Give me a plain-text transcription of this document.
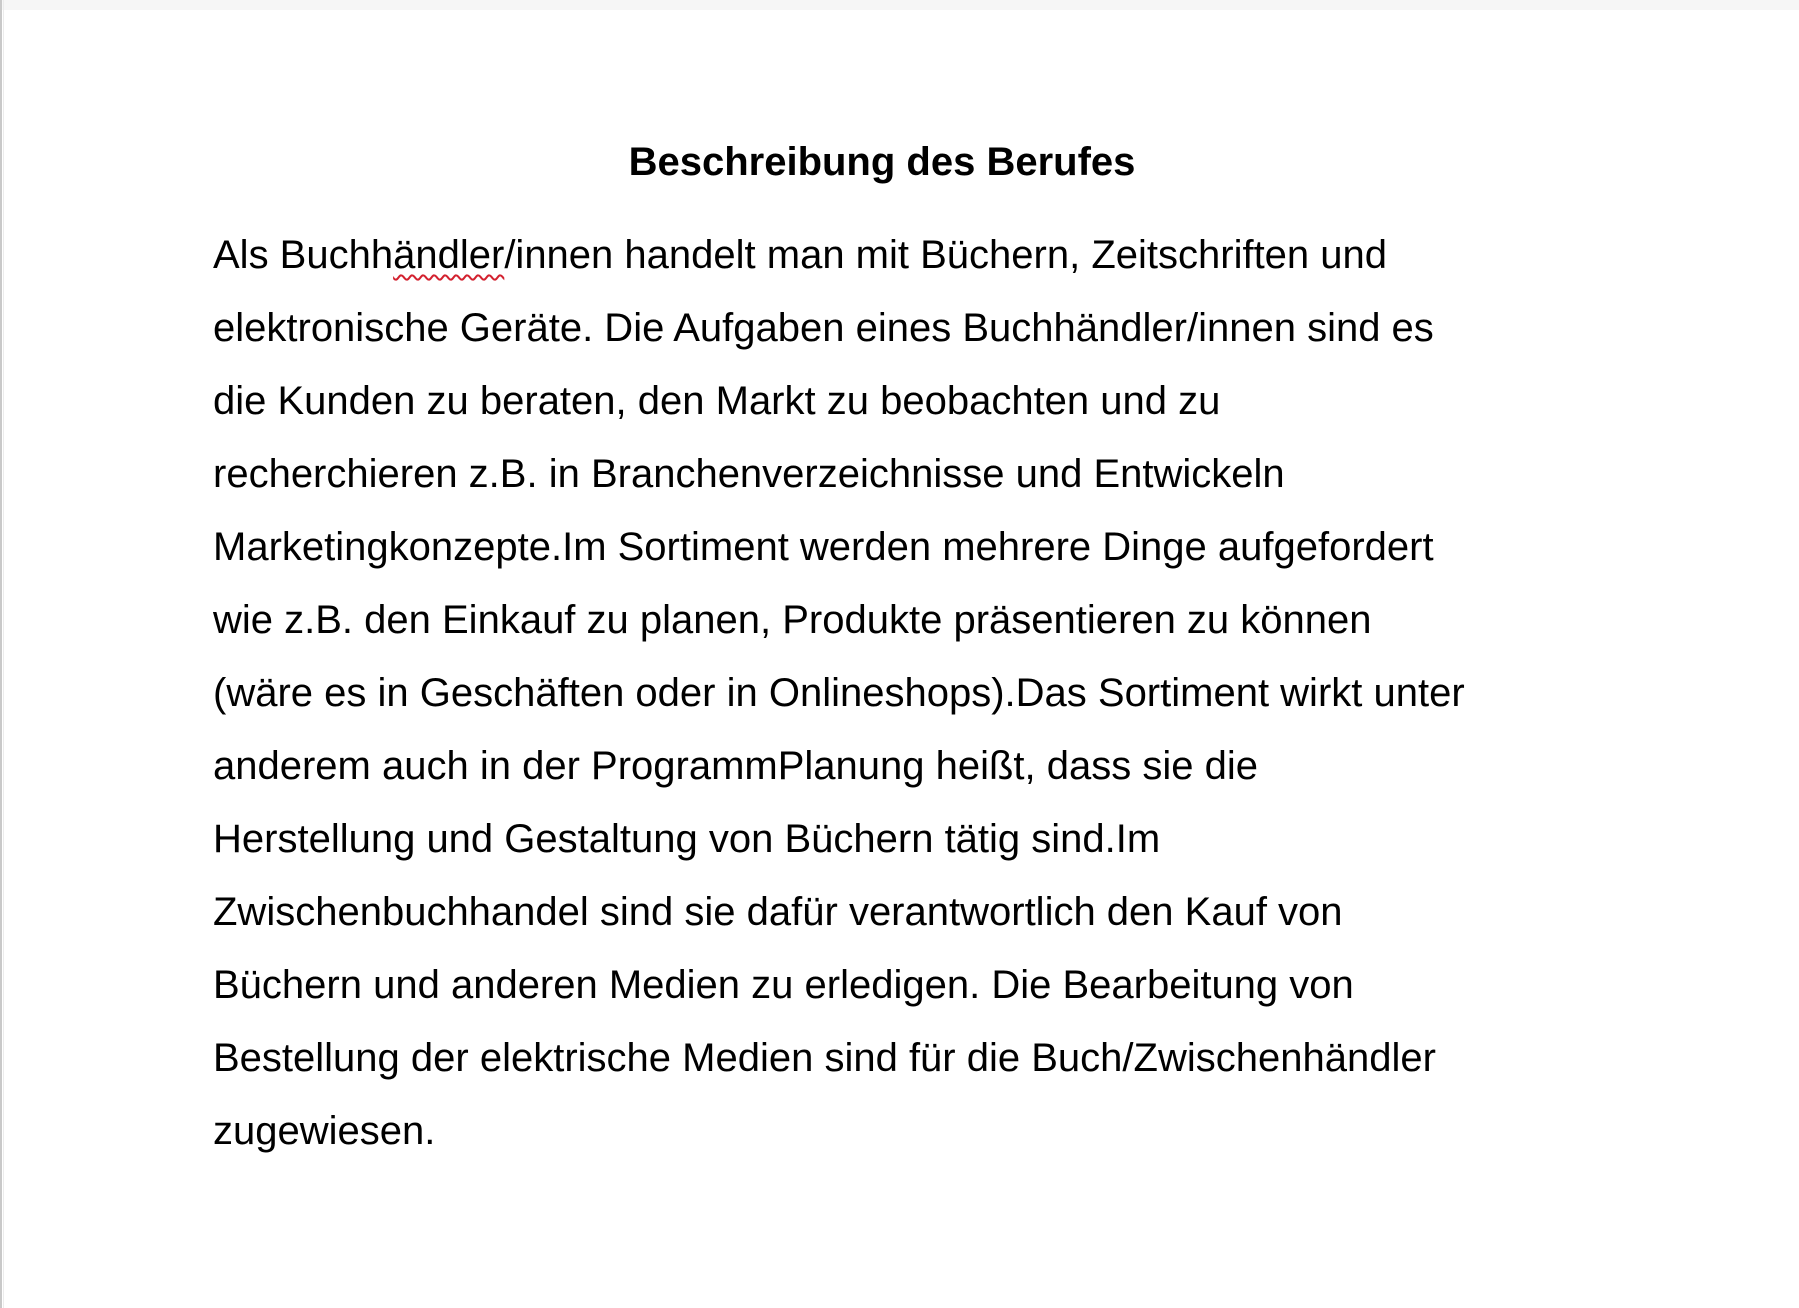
Beschreibung des Berufes
Als Buchhändler/innen handelt man mit Büchern, Zeitschriften und
elektronische Geräte. Die Aufgaben eines Buchhändler/innen sind es
die Kunden zu beraten, den Markt zu beobachten und zu
recherchieren z.B. in Branchenverzeichnisse und Entwickeln
Marketingkonzepte.Im Sortiment werden mehrere Dinge aufgefordert
wie z.B. den Einkauf zu planen, Produkte präsentieren zu können
(wäre es in Geschäften oder in Onlineshops).Das Sortiment wirkt unter
anderem auch in der ProgrammPlanung heißt, dass sie die
Herstellung und Gestaltung von Büchern tätig sind.Im
Zwischenbuchhandel sind sie dafür verantwortlich den Kauf von
Büchern und anderen Medien zu erledigen. Die Bearbeitung von
Bestellung der elektrische Medien sind für die Buch/Zwischenhändler
zugewiesen.
